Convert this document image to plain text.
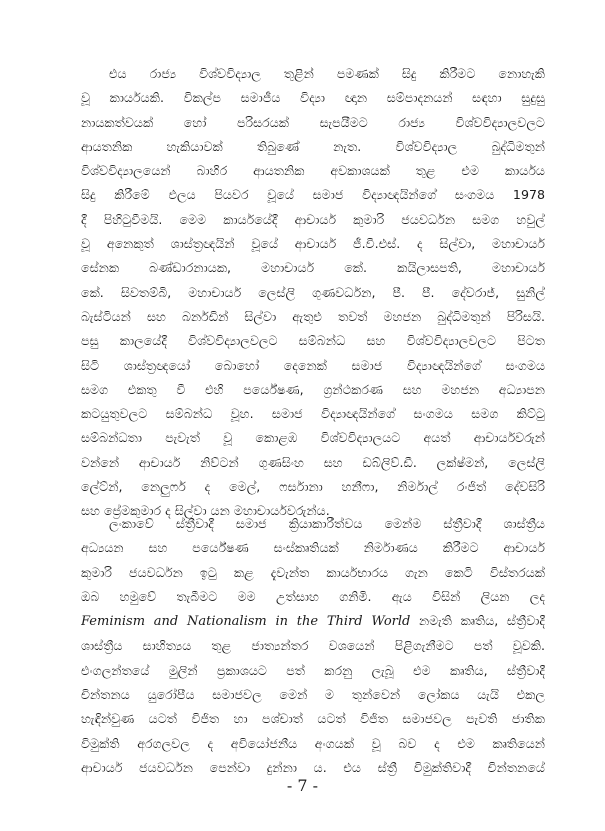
එය රාජ්‍ය විශ්වවිද්‍යාල තුළින් පමණක් සිදු කිරීමට නොහැකි
වූ කාර්යයකි. විකල්ප සමාජීය විද්‍යා ඥාන සම්පාදනයන් සඳහා සුදුසු
නායකත්වයක් හෝ පරිසරයක් සැපයීමට රාජ්‍ය විශ්වවිද්‍යාලවලට
ආයතනික හැකියාවක් තිබුණේ නැත. විශ්වවිද්‍යාල බුද්ධිමතුන්
විශ්වවිද්‍යාලයෙන් බාහිර ආයතනික අවකාශයක් තුළ එම කාර්යය
සිදු කිරීමේ ඵලය පියවර වූයේ සමාජ විද්‍යාඥයින්ගේ සංගමය 1978
දී පිහිටුවීමයි. මෙම කාර්යයේදී ආචාර්ය කුමාරි ජයවර්ධන සමග හවුල්
වූ අනෙකුත් ශාස්ත්‍රඥයින් වූයේ ආචාර්ය ජී.වී.එස්. ද සිල්වා, මහාචාර්ය
සේනක බණ්ඩාරනායක, මහාචාර්ය කේ. කයිලාසපති, මහාචාර්ය
කේ. සිවතම්බි, මහාචාර්ය ලෙස්ලි ගුණවර්ධන, පී. පී. දේවරාජ්, සුනිල්
බැස්ටියන් සහ බර්නඩින් සිල්වා ඇතුළු තවත් මහජන බුද්ධිමතුන් පිරිසයි.
පසු කාලයේදී විශ්වවිද්‍යාලවලට සම්බන්ධ සහ විශ්වවිද්‍යාලවලට පිටත
සිටි ශාස්ත්‍රඥයෝ බොහෝ දෙනෙක් සමාජ විද්‍යාඥයින්ගේ සංගමය
සමග එකතු වී එහි පර්යේෂණ, ග්‍රන්ථකරණ සහ මහජන අධ්‍යාපන
කටයුතුවලට සම්බන්ධ වූහ. සමාජ විද්‍යාඥයින්ගේ සංගමය සමග කිට්ටු
සම්බන්ධතා පැවැත් වූ කොළඹ විශ්වවිද්‍යාලයට අයත් ආචාර්යවරුන්
වන්නේ ආචාර්ය නිව්ටන් ගුණසිංහ සහ ඩබ්ලිව්.ඩී. ලක්ෂ්මන්, ලෙස්ලි
ලේට්න්, නෙලුෆර් ද මෙල්, ෆර්සානා හනීෆා, නිර්මාල් රංජිත් දේවසිරි
සහ ප්‍රේමකුමාර ද සිල්වා යන මහාචාර්යවරුන්ය.
ලංකාවේ ස්ත්‍රීවාදී සමාජ ක්‍රියාකාරීත්වය මෙන්ම ස්ත්‍රීවාදී ශාස්ත්‍රීය
අධ්‍යයන සහ පර්යේෂණ සංස්කෘතියක් නිර්මාණය කිරීමට ආචාර්ය
කුමාරි ජයවර්ධන ඉටු කළ දැවැන්ත කාර්යභාරය ගැන කෙටි විස්තරයක්
ඔබ හමුවේ තැබීමට මම උත්සාහ ගනිමි. ඇය විසින් ලියන ලද
Feminism and Nationalism in the Third World නමැති කෘතිය, ස්ත්‍රීවාදී
ශාස්ත්‍රීය සාහිත්‍යය තුළ ජාත්‍යන්තර වශයෙන් පිළිගැනීමට පත් වූවකි.
එංගලන්තයේ මුලින් ප්‍රකාශයට පත් කරනු ලැබූ එම කෘතිය, ස්ත්‍රීවාදී
චින්තනය යුරෝපීය සමාජවල මෙන් ම තුන්වෙන් ලෝකය යැයි එකල
හැඳින්වුණ යටත් විජිත හා පශ්චාත් යටත් විජිත සමාජවල පැවති ජාතික
විමුක්ති අරගලවල ද අවියෝජනීය අංගයක් වූ බව ද එම කෘතියෙන්
ආචාර්ය ජයවර්ධන පෙන්වා දුන්නා ය. එය ස්ත්‍රී විමුක්තිවාදී චින්තනයේ
- 7 -
